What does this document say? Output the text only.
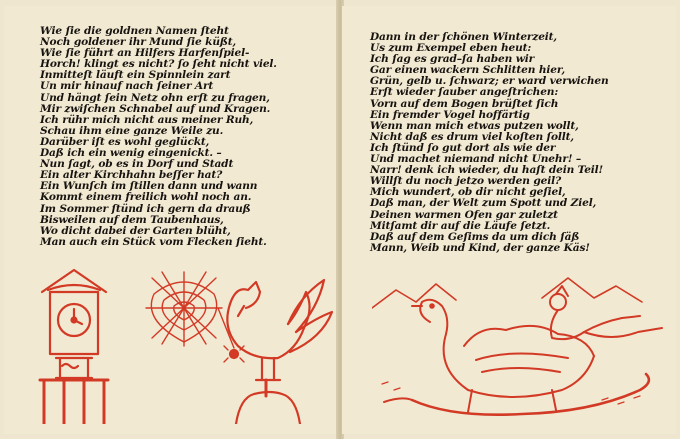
Wie ſie die goldnen Namen ſteht
Noch goldener ihr Mund ſie küßt,
Wie ſie führt an Hilfers Harfenſpiel-
Horch! klingt es nicht? ſo ſeht nicht viel.
Inmitteſt läuft ein Spinnlein zart
Un mir hinauf nach ſeiner Art
Und hängt ſein Netz ohn erſt zu fragen,
Mir zwiſchen Schnabel auf und Kragen.
Ich rühr mich nicht aus meiner Ruh,
Schau ihm eine ganze Weile zu.
Darüber iſt es wohl geglückt,
Daß ich ein wenig eingenickt. –
Nun ſagt, ob es in Dorf und Stadt
Ein alter Kirchhahn beſſer hat?
Ein Wunſch im ſtillen dann und wann
Kommt einem freilich wohl noch an.
Im Sommer ſtünd ich gern da drauß
Bisweilen auf dem Taubenhaus,
Wo dicht dabei der Garten blüht,
Man auch ein Stück vom Flecken ſieht.
Dann in der ſchönen Winterzeit,
Us zum Exempel eben heut:
Ich ſag es grad–ſa haben wir
Gar einen wackern Schlitten hier,
Grün, gelb u. ſchwarz; er ward verwichen
Erſt wieder ſauber angeſtrichen:
Vorn auf dem Bogen brüſtet ſich
Ein fremder Vogel hoffärtig
Wenn man mich etwas putzen wollt,
Nicht daß es drum viel koſten ſollt,
Ich ſtünd ſo gut dort als wie der
Und machet niemand nicht Unehr! –
Narr! denk ich wieder, du haſt dein Teil!
Willſt du noch jetzo werden geil?
Mich wundert, ob dir nicht geſiel,
Daß man, der Welt zum Spott und Ziel,
Deinen warmen Ofen gar zuletzt
Mitſamt dir auf die Läufe ſetzt.
Daß auf dem Geſims da um dich ſäß
Mann, Weib und Kind, der ganze Käs!
